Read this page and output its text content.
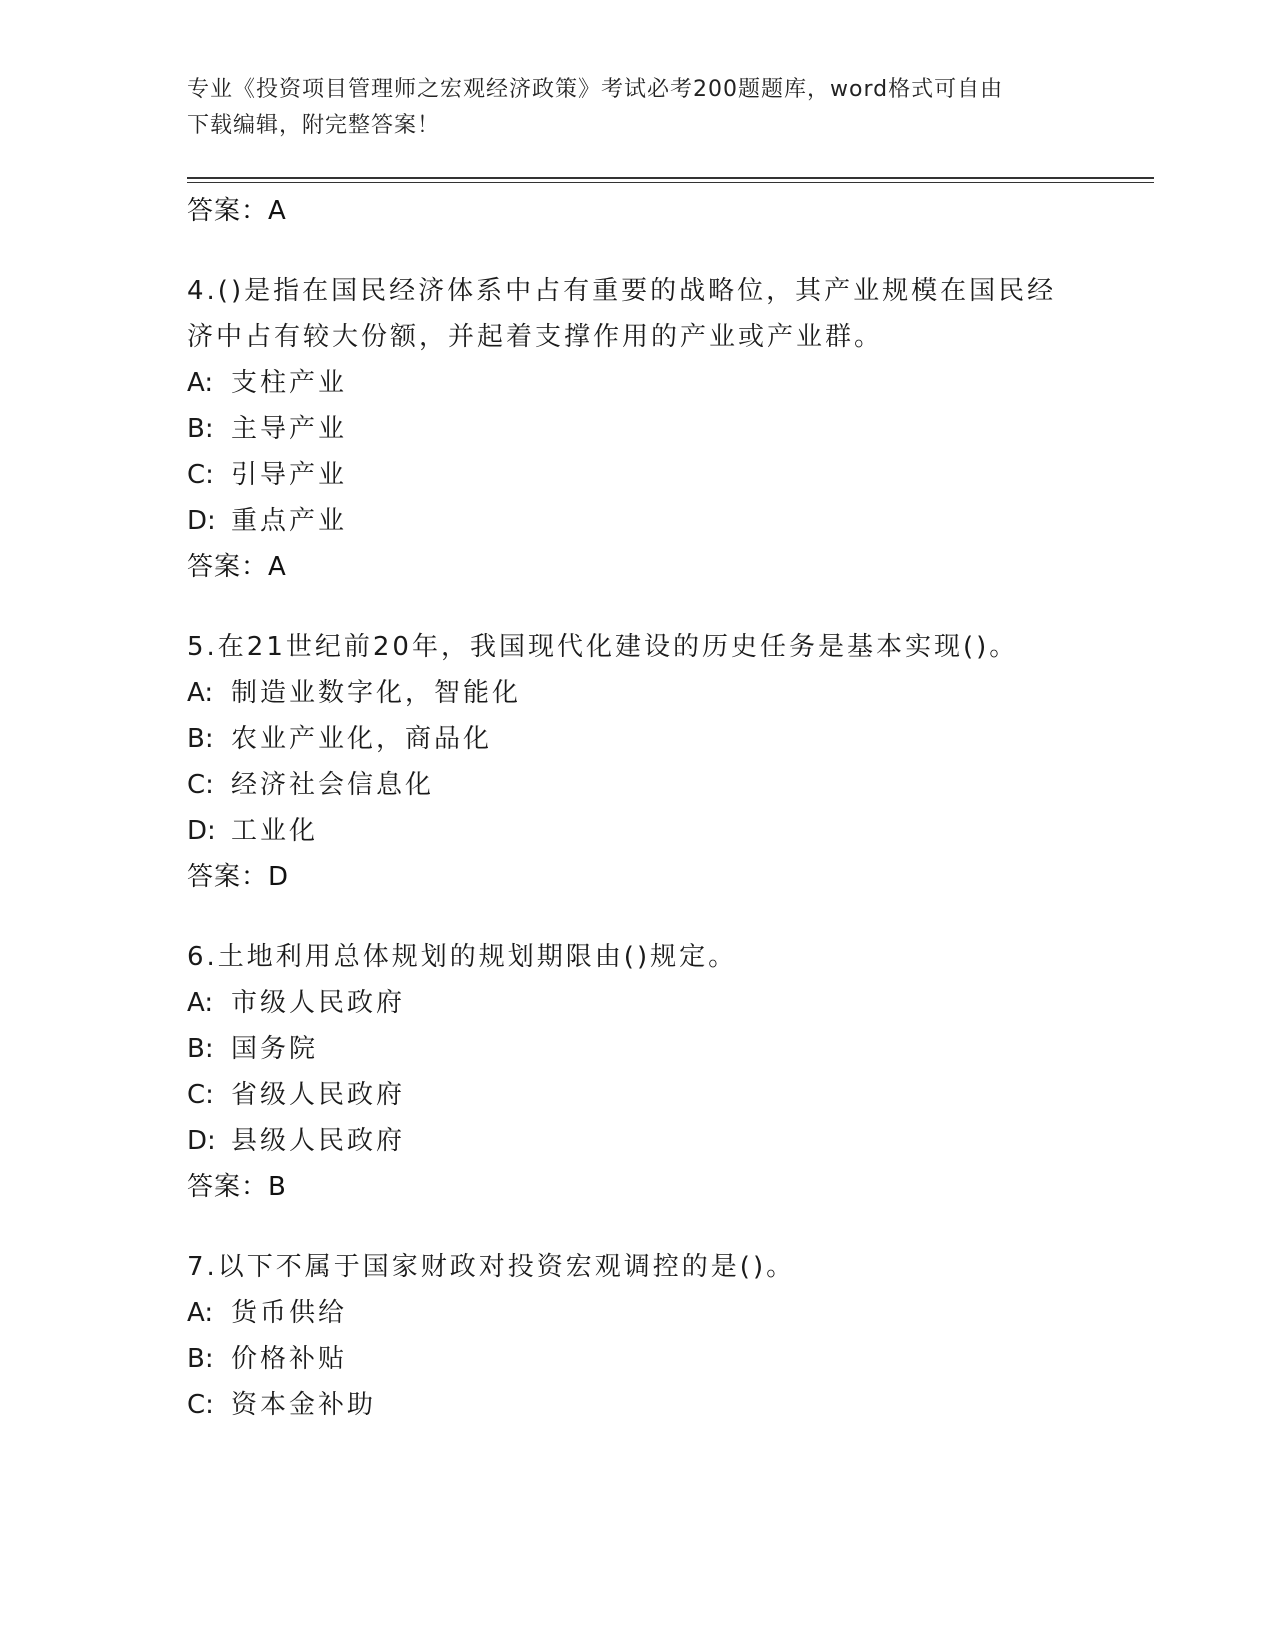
专业《投资项目管理师之宏观经济政策》考试必考200题题库，word格式可自由
下载编辑，附完整答案！
答案：A
4.()是指在国民经济体系中占有重要的战略位，其产业规模在国民经
济中占有较大份额，并起着支撑作用的产业或产业群。
A: 支柱产业
B: 主导产业
C: 引导产业
D: 重点产业
答案：A
5.在21世纪前20年，我国现代化建设的历史任务是基本实现()。
A: 制造业数字化，智能化
B: 农业产业化，商品化
C: 经济社会信息化
D: 工业化
答案：D
6.土地利用总体规划的规划期限由()规定。
A: 市级人民政府
B: 国务院
C: 省级人民政府
D: 县级人民政府
答案：B
7.以下不属于国家财政对投资宏观调控的是()。
A: 货币供给
B: 价格补贴
C: 资本金补助
